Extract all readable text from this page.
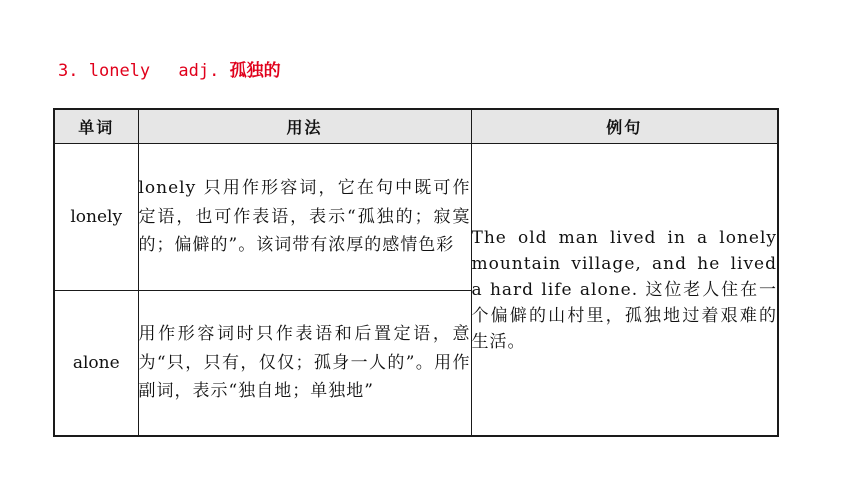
3. lonely adj. 孤独的
单词	用法	例句
lonely	lonely 只用作形容词，它在句中既可作定语，也可作表语，表示“孤独的；寂寞的；偏僻的”。该词带有浓厚的感情色彩	The old man lived in a lonely mountain village, and he lived a hard life alone. 这位老人住在一个偏僻的山村里，孤独地过着艰难的生活。
alone	用作形容词时只作表语和后置定语，意为“只，只有，仅仅；孤身一人的”。用作副词，表示“独自地；单独地”	
